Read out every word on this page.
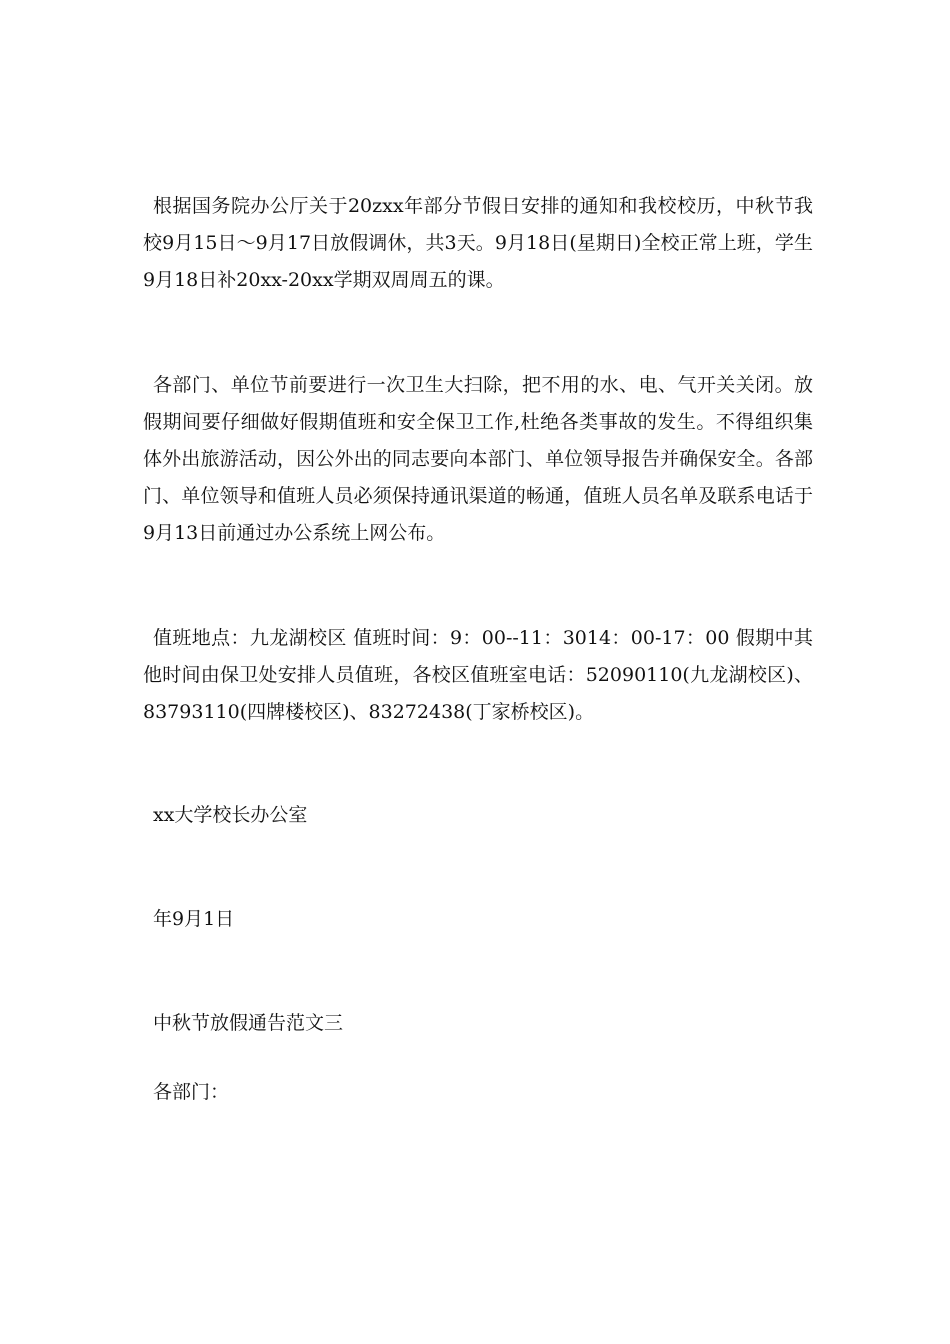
根据国务院办公厅关于20zxx年部分节假日安排的通知和我校校历，中秋节我校9月15日～9月17日放假调休，共3天。9月18日(星期日)全校正常上班，学生9月18日补20xx-20xx学期双周周五的课。

各部门、单位节前要进行一次卫生大扫除，把不用的水、电、气开关关闭。放假期间要仔细做好假期值班和安全保卫工作,杜绝各类事故的发生。不得组织集体外出旅游活动，因公外出的同志要向本部门、单位领导报告并确保安全。各部门、单位领导和值班人员必须保持通讯渠道的畅通，值班人员名单及联系电话于9月13日前通过办公系统上网公布。

值班地点：九龙湖校区 值班时间：9：00--11：3014：00-17：00 假期中其他时间由保卫处安排人员值班，各校区值班室电话：52090110(九龙湖校区)、83793110(四牌楼校区)、83272438(丁家桥校区)。

xx大学校长办公室

年9月1日

中秋节放假通告范文三

各部门：
